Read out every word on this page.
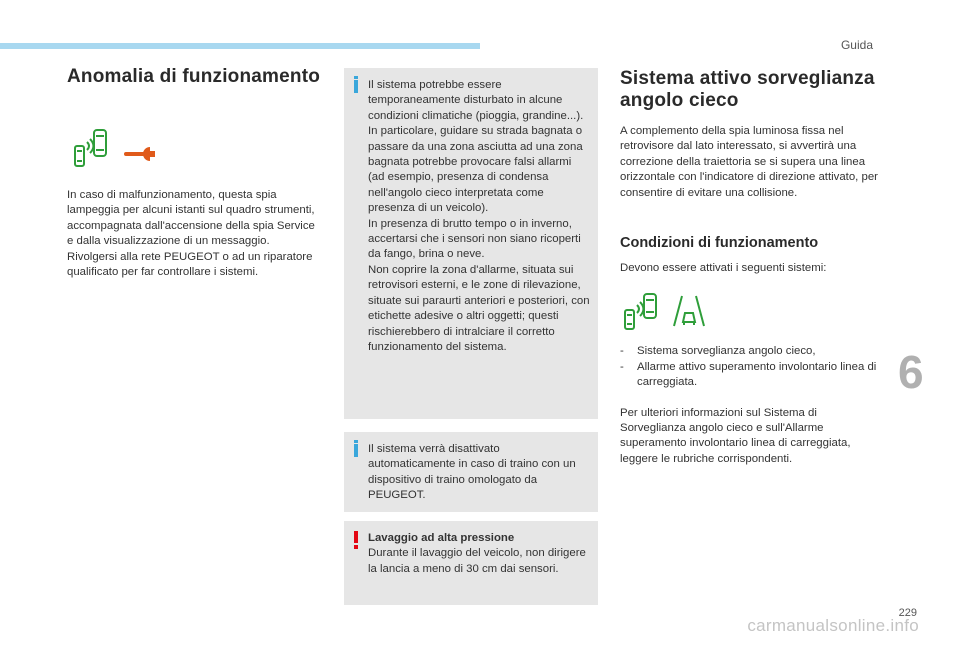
Guida
Anomalia di funzionamento

In caso di malfunzionamento, questa spia lampeggia per alcuni istanti sul quadro strumenti, accompagnata dall'accensione della spia Service e dalla visualizzazione di un messaggio.

Rivolgersi alla rete PEUGEOT o ad un riparatore qualificato per far controllare i sistemi.

Il sistema potrebbe essere temporaneamente disturbato in alcune condizioni climatiche (pioggia, grandine...).

In particolare, guidare su strada bagnata o passare da una zona asciutta ad una zona bagnata potrebbe provocare falsi allarmi (ad esempio, presenza di condensa nell'angolo cieco interpretata come presenza di un veicolo).

In presenza di brutto tempo o in inverno, accertarsi che i sensori non siano ricoperti da fango, brina o neve.

Non coprire la zona d'allarme, situata sui retrovisori esterni, e le zone di rilevazione, situate sui paraurti anteriori e posteriori, con etichette adesive o altri oggetti; questi rischierebbero di intralciare il corretto funzionamento del sistema.

Il sistema verrà disattivato automaticamente in caso di traino con un dispositivo di traino omologato da PEUGEOT.

Lavaggio ad alta pressione

Durante il lavaggio del veicolo, non dirigere la lancia a meno di 30 cm dai sensori.

Sistema attivo sorveglianza angolo cieco

A complemento della spia luminosa fissa nel retrovisore dal lato interessato, si avvertirà una correzione della traiettoria se si supera una linea orizzontale con l'indicatore di direzione attivato, per consentire di evitare una collisione.

Condizioni di funzionamento

Devono essere attivati i seguenti sistemi:

- Sistema sorveglianza angolo cieco,
- Allarme attivo superamento involontario linea di carreggiata.

Per ulteriori informazioni sul Sistema di Sorveglianza angolo cieco e sull'Allarme superamento involontario linea di carreggiata, leggere le rubriche corrispondenti.

6
229
carmanualsonline.info
